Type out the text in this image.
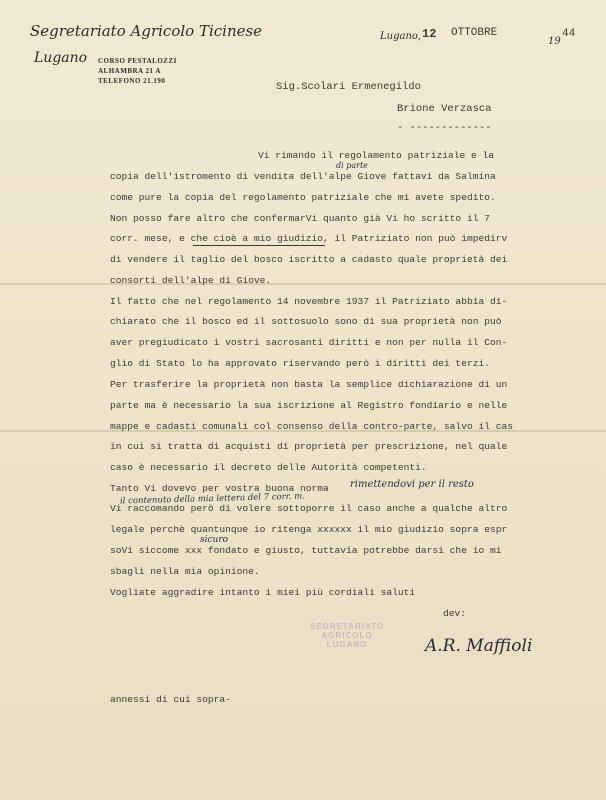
Segretariato Agricolo Ticinese
Lugano CORSO PESTALOZZI
ALHAMBRA 21 A
TELEFONO 21.190
Lugano, 12 OTTOBRE
19
44
Sig.Scolari Ermenegildo
Brione Verzasca
- -------------
Vi rimando il regolamento patriziale e la
copia dell'istromento di vendita dell'alpe Giove fattavi da Salmina
come pure la copia del regolamento patriziale che mi avete spedito.
Non posso fare altro che confermarVi quanto già Vi ho scritto il 7
corr. mese, e che cioè a mio giudizio, il Patriziato non può impedirv
di vendere il taglio del bosco iscritto a cadasto quale proprietà dei
consorti dell'alpe di Giove.
Il fatto che nel regolamento 14 novembre 1937 il Patriziato abbia di-
chiarato che il bosco ed il sottosuolo sono di sua proprietà non può
aver pregiudicato i vostri sacrosanti diritti e non per nulla il Con-
glio di Stato lo ha approvato riservando però i diritti dei terzi.
Per trasferire la proprietà non basta la semplice dichiarazione di un
parte ma è necessario la sua iscrizione al Registro fondiario e nelle
mappe e cadasti comunali col consenso della contro-parte, salvo il cas
in cui si tratta di acquisti di proprietà per prescrizione, nel quale
caso è necessario il decreto delle Autorità competenti.
Tanto Vi dovevo per vostra buona norma
Vi raccomando però di volere sottoporre il caso anche a qualche altro
legale perchè quantunque io ritenga xxxxxx il mio giudizio sopra espr
soVi siccome xxx fondato e giusto, tuttavia potrebbe darsi che io mi
sbagli nella mia opinione.
Vogliate aggradire intanto i miei più cordiali saluti
di parte
rimettendovi per il resto
il contenuto della mia lettera del 7 corr. m.
sicuro
dev:
SEGRETARIATO
AGRICOLO
LUGANO	A.R. Maffioli
annessi di cui sopra-
